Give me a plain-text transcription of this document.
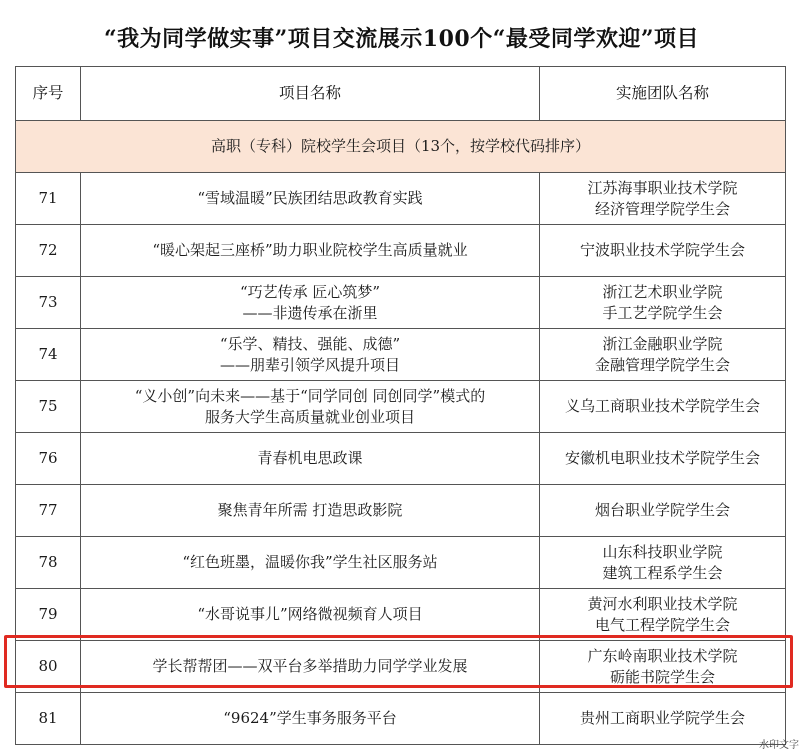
“我为同学做实事”项目交流展示100个“最受同学欢迎”项目
序号	项目名称	实施团队名称
高职（专科）院校学生会项目（13个，按学校代码排序）		
71	“雪域温暖”民族团结思政教育实践	江苏海事职业技术学院
经济管理学院学生会

72	“暖心架起三座桥”助力职业院校学生高质量就业	宁波职业技术学院学生会

73	“巧艺传承 匠心筑梦”
——非遗传承在浙里	浙江艺术职业学院
手工艺学院学生会

74	“乐学、精技、强能、成德”
——朋辈引领学风提升项目	浙江金融职业学院
金融管理学院学生会

75	“义小创”向未来——基于“同学同创 同创同学”模式的
服务大学生高质量就业创业项目	义乌工商职业技术学院学生会

76	青春机电思政课	安徽机电职业技术学院学生会

77	聚焦青年所需 打造思政影院	烟台职业学院学生会

78	“红色班墨，温暖你我”学生社区服务站	山东科技职业学院
建筑工程系学生会

79	“水哥说事儿”网络微视频育人项目	黄河水利职业技术学院
电气工程学院学生会

80	学长帮帮团——双平台多举措助力同学学业发展	广东岭南职业技术学院
砺能书院学生会

81	“9624”学生事务服务平台	贵州工商职业学院学生会
水印文字
